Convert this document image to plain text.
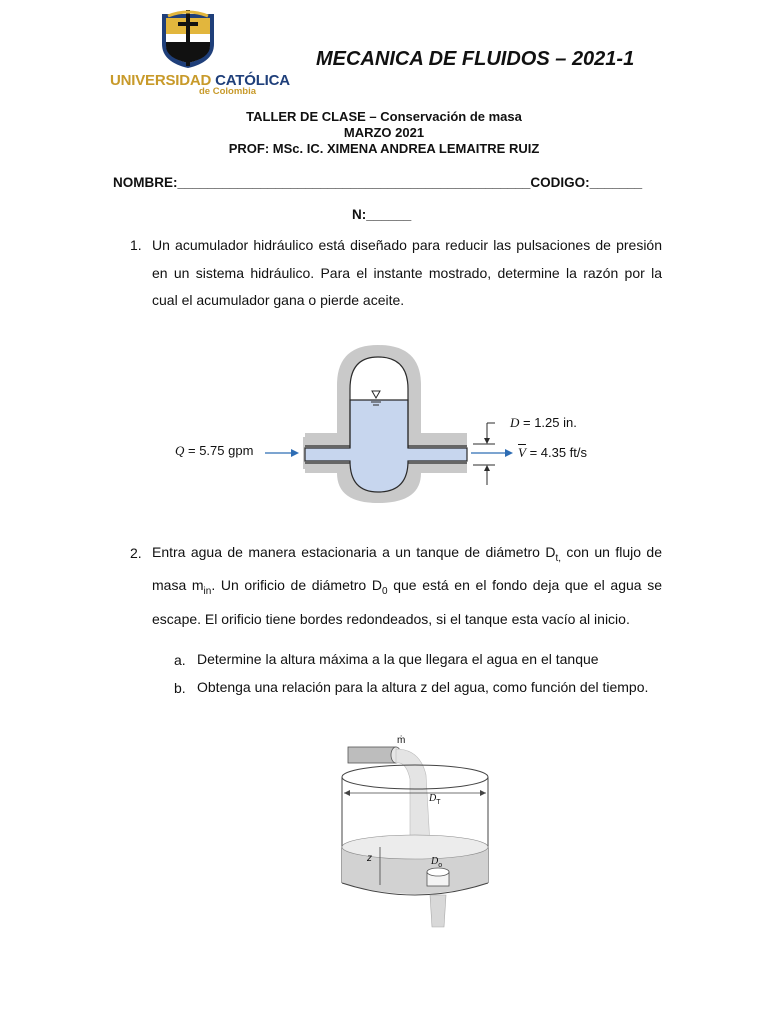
UNIVERSIDAD CATÓLICA
de Colombia
MECANICA DE FLUIDOS – 2021-1
TALLER DE CLASE – Conservación de masa
MARZO 2021
PROF: MSc. IC. XIMENA ANDREA LEMAITRE RUIZ
NOMBRE:_______________________________________________CODIGO:_______
N:______
1. Un acumulador hidráulico está diseñado para reducir las pulsaciones de presión en un sistema hidráulico. Para el instante mostrado, determine la razón por la cual el acumulador gana o pierde aceite.
Q = 5.75 gpm
D = 1.25 in.
$\overline{V} = 4.35$ ft/s
2. Entra agua de manera estacionaria a un tanque de diámetro $D_{t,}$ con un flujo de masa $m_{in}$. Un orificio de diámetro $D_0$ que está en el fondo deja que el agua se escape. El orificio tiene bordes redondeados, si el tanque esta vacío al inicio.
a. Determine la altura máxima a la que llegara el agua en el tanque
b. Obtenga una relación para la altura z del agua, como función del tiempo.
ṁ
$D_T$
z	$D_o$
